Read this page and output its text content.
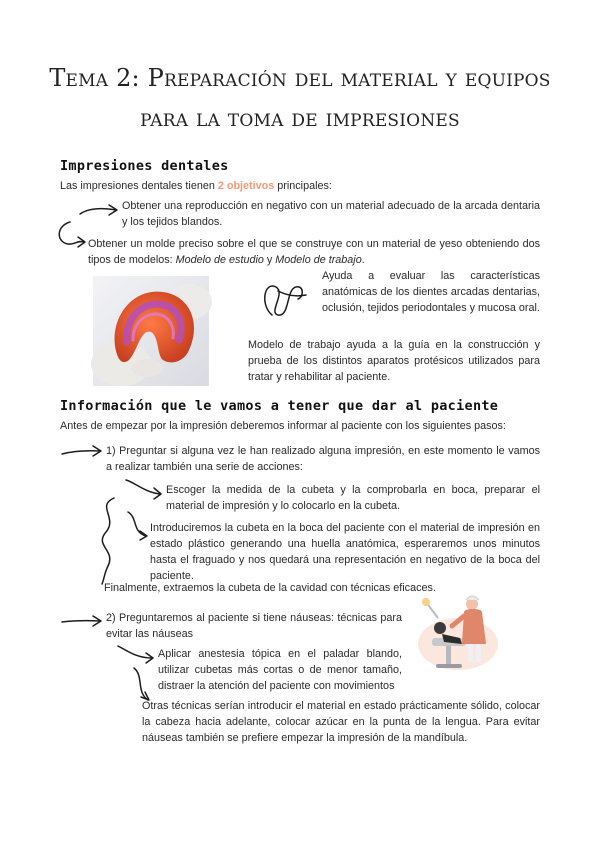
Tema 2: Preparación del material y equipos para la toma de impresiones
Impresiones dentales
Las impresiones dentales tienen 2 objetivos principales:
Obtener una reproducción en negativo con un material adecuado de la arcada dentaria y los tejidos blandos.
Obtener un molde preciso sobre el que se construye con un material de yeso obteniendo dos tipos de modelos: Modelo de estudio y Modelo de trabajo.
Ayuda a evaluar las características anatómicas de los dientes arcadas dentarias, oclusión, tejidos periodontales y mucosa oral.
Modelo de trabajo ayuda a la guía en la construcción y prueba de los distintos aparatos protésicos utilizados para tratar y rehabilitar al paciente.
Información que le vamos a tener que dar al paciente
Antes de empezar por la impresión deberemos informar al paciente con los siguientes pasos:
1) Preguntar si alguna vez le han realizado alguna impresión, en este momento le vamos a realizar también una serie de acciones:
Escoger la medida de la cubeta y la comprobarla en boca, preparar el material de impresión y lo colocarlo en la cubeta.
Introduciremos la cubeta en la boca del paciente con el material de impresión en estado plástico generando una huella anatómica, esperaremos unos minutos hasta el fraguado y nos quedará una representación en negativo de la boca del paciente.
Finalmente, extraemos la cubeta de la cavidad con técnicas eficaces.
2) Preguntaremos al paciente si tiene náuseas: técnicas para evitar las náuseas
Aplicar anestesia tópica en el paladar blando, utilizar cubetas más cortas o de menor tamaño, distraer la atención del paciente con movimientos
Otras técnicas serían introducir el material en estado prácticamente sólido, colocar la cabeza hacia adelante, colocar azúcar en la punta de la lengua. Para evitar náuseas también se prefiere empezar la impresión de la mandíbula.
